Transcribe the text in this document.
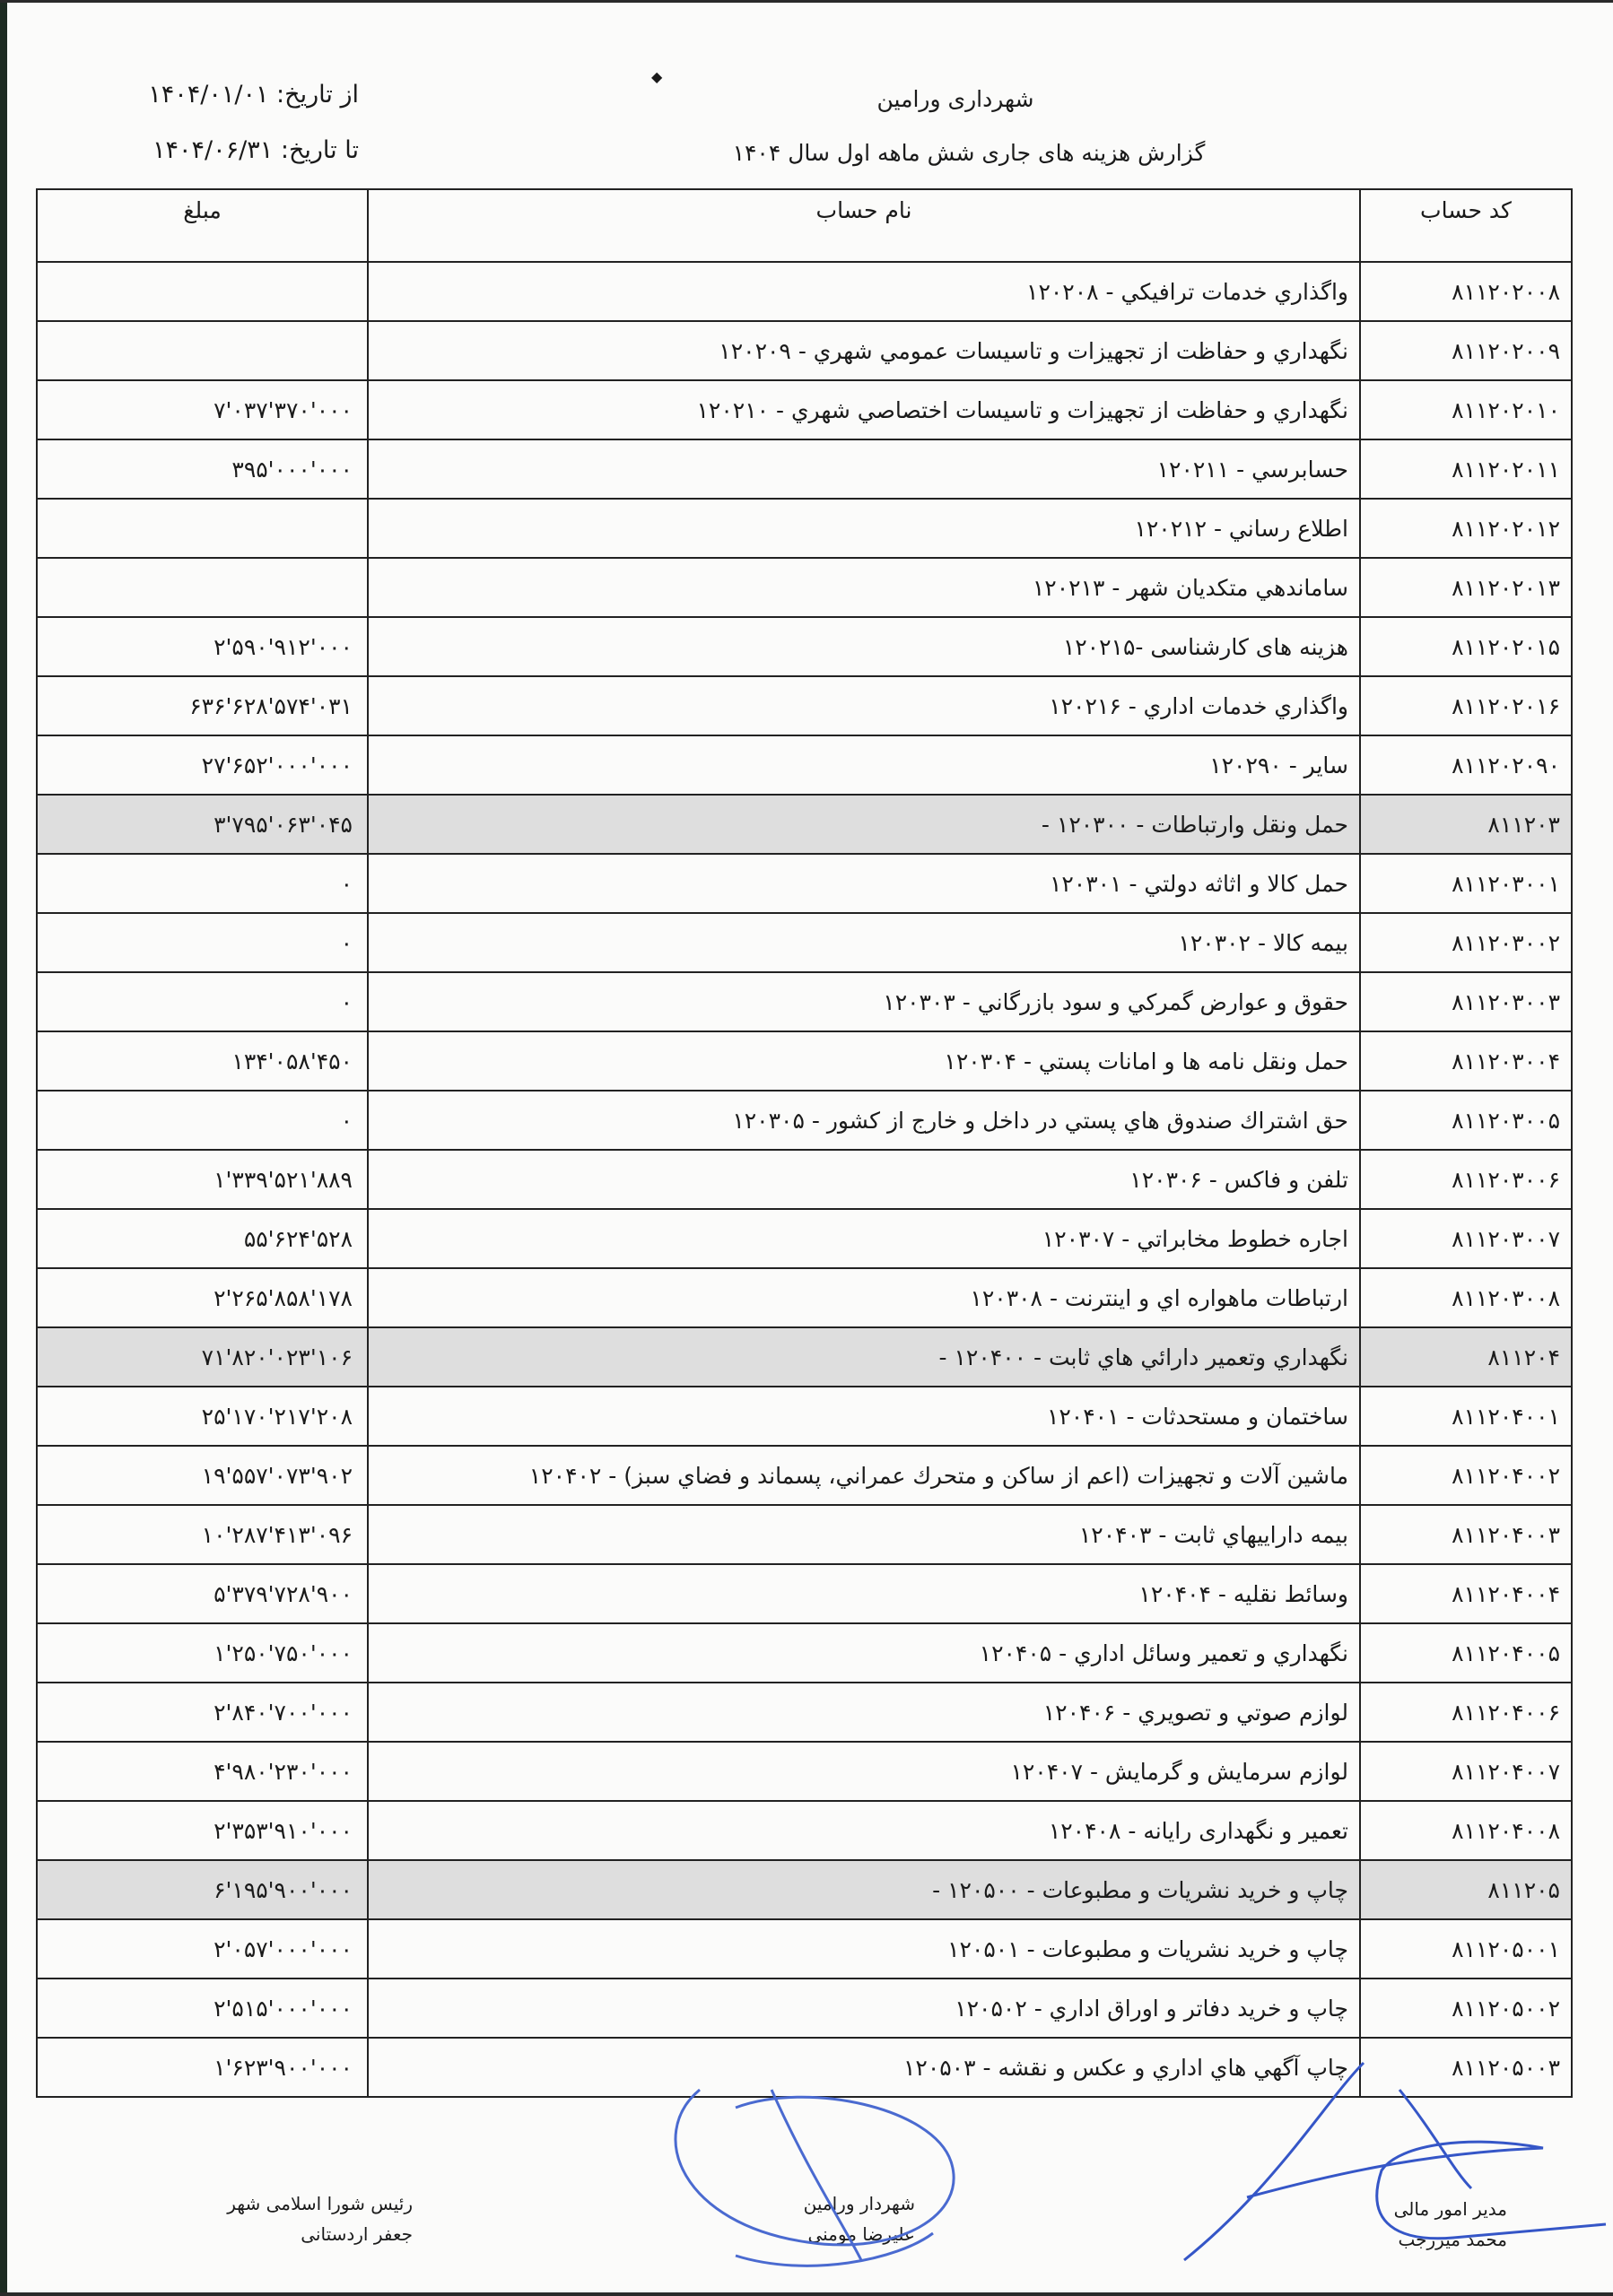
◆
شهرداری ورامین
گزارش هزینه های جاری شش ماهه اول سال ۱۴۰۴
از تاریخ: ۱۴۰۴/۰۱/۰۱
تا تاریخ: ۱۴۰۴/۰۶/۳۱
کد حساب	نام حساب	مبلغ
۸۱۱۲۰۲۰۰۸	واگذاري خدمات ترافيكي - ۱۲۰۲۰۸	
۸۱۱۲۰۲۰۰۹	نگهداري و حفاظت از تجهيزات و تاسيسات عمومي شهري - ۱۲۰۲۰۹	
۸۱۱۲۰۲۰۱۰	نگهداري و حفاظت از تجهيزات و تاسيسات اختصاصي شهري - ۱۲۰۲۱۰	۷'۰۳۷'۳۷۰'۰۰۰
۸۱۱۲۰۲۰۱۱	حسابرسي - ۱۲۰۲۱۱	۳۹۵'۰۰۰'۰۰۰
۸۱۱۲۰۲۰۱۲	اطلاع رساني - ۱۲۰۲۱۲	
۸۱۱۲۰۲۰۱۳	ساماندهي متكديان شهر - ۱۲۰۲۱۳	
۸۱۱۲۰۲۰۱۵	هزینه های کارشناسی -۱۲۰۲۱۵	۲'۵۹۰'۹۱۲'۰۰۰
۸۱۱۲۰۲۰۱۶	واگذاري خدمات اداري - ۱۲۰۲۱۶	۶۳۶'۶۲۸'۵۷۴'۰۳۱
۸۱۱۲۰۲۰۹۰	ساير - ۱۲۰۲۹۰	۲۷'۶۵۲'۰۰۰'۰۰۰
۸۱۱۲۰۳	حمل ونقل وارتباطات - ۱۲۰۳۰۰ -	۳'۷۹۵'۰۶۳'۰۴۵
۸۱۱۲۰۳۰۰۱	حمل كالا و اثاثه دولتي - ۱۲۰۳۰۱	۰
۸۱۱۲۰۳۰۰۲	بيمه كالا - ۱۲۰۳۰۲	۰
۸۱۱۲۰۳۰۰۳	حقوق و عوارض گمركي و سود بازرگاني - ۱۲۰۳۰۳	۰
۸۱۱۲۰۳۰۰۴	حمل ونقل نامه ها و امانات پستي - ۱۲۰۳۰۴	۱۳۴'۰۵۸'۴۵۰
۸۱۱۲۰۳۰۰۵	حق اشتراك صندوق هاي پستي در داخل و خارج از كشور - ۱۲۰۳۰۵	۰
۸۱۱۲۰۳۰۰۶	تلفن و فاكس - ۱۲۰۳۰۶	۱'۳۳۹'۵۲۱'۸۸۹
۸۱۱۲۰۳۰۰۷	اجاره خطوط مخابراتي - ۱۲۰۳۰۷	۵۵'۶۲۴'۵۲۸
۸۱۱۲۰۳۰۰۸	ارتباطات ماهواره اي و اينترنت - ۱۲۰۳۰۸	۲'۲۶۵'۸۵۸'۱۷۸
۸۱۱۲۰۴	نگهداري وتعمير دارائي هاي ثابت - ۱۲۰۴۰۰ -	۷۱'۸۲۰'۰۲۳'۱۰۶
۸۱۱۲۰۴۰۰۱	ساختمان و مستحدثات - ۱۲۰۴۰۱	۲۵'۱۷۰'۲۱۷'۲۰۸
۸۱۱۲۰۴۰۰۲	ماشين آلات و تجهيزات (اعم از ساكن و متحرك عمراني، پسماند و فضاي سبز) - ۱۲۰۴۰۲	۱۹'۵۵۷'۰۷۳'۹۰۲
۸۱۱۲۰۴۰۰۳	بيمه داراييهاي ثابت - ۱۲۰۴۰۳	۱۰'۲۸۷'۴۱۳'۰۹۶
۸۱۱۲۰۴۰۰۴	وسائط نقليه - ۱۲۰۴۰۴	۵'۳۷۹'۷۲۸'۹۰۰
۸۱۱۲۰۴۰۰۵	نگهداري و تعمير وسائل اداري - ۱۲۰۴۰۵	۱'۲۵۰'۷۵۰'۰۰۰
۸۱۱۲۰۴۰۰۶	لوازم صوتي و تصويري - ۱۲۰۴۰۶	۲'۸۴۰'۷۰۰'۰۰۰
۸۱۱۲۰۴۰۰۷	لوازم سرمايش و گرمايش - ۱۲۰۴۰۷	۴'۹۸۰'۲۳۰'۰۰۰
۸۱۱۲۰۴۰۰۸	تعمير و نگهداری رايانه - ۱۲۰۴۰۸	۲'۳۵۳'۹۱۰'۰۰۰
۸۱۱۲۰۵	چاپ و خريد نشريات و مطبوعات - ۱۲۰۵۰۰ -	۶'۱۹۵'۹۰۰'۰۰۰
۸۱۱۲۰۵۰۰۱	چاپ و خريد نشريات و مطبوعات - ۱۲۰۵۰۱	۲'۰۵۷'۰۰۰'۰۰۰
۸۱۱۲۰۵۰۰۲	چاپ و خريد دفاتر و اوراق اداري - ۱۲۰۵۰۲	۲'۵۱۵'۰۰۰'۰۰۰
۸۱۱۲۰۵۰۰۳	چاپ آگهي هاي اداري و عكس و نقشه - ۱۲۰۵۰۳	۱'۶۲۳'۹۰۰'۰۰۰
مدیر امور مالی
محمد میررجب
شهردار ورامین
علیرضا مومنی
رئیس شورا اسلامی شهر
جعفر اردستانی
